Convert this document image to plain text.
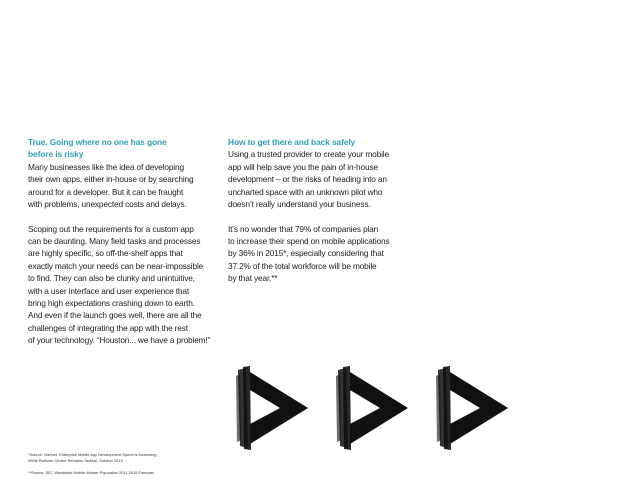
True. Going where no one has gone
before is risky

Many businesses like the idea of developing
their own apps, either in-house or by searching
around for a developer. But it can be fraught
with problems, unexpected costs and delays.

Scoping out the requirements for a custom app
can be daunting. Many field tasks and processes
are highly specific, so off-the-shelf apps that
exactly match your needs can be near-impossible
to find. They can also be clunky and unintuitive,
with a user interface and user experience that
bring high expectations crashing down to earth.
And even if the launch goes well, there are all the
challenges of integrating the app with the rest
of your technology. “Houston... we have a problem!”

How to get there and back safely

Using a trusted provider to create your mobile
app will help save you the pain of in-house
development – or the risks of heading into an
uncharted space with an unknown pilot who
doesn’t really understand your business.

It’s no wonder that 79% of companies plan
to increase their spend on mobile applications
by 36% in 2015*, especially considering that
37.2% of the total workforce will be mobile
by that year.**

*Source: Gartner, Enterprise Mobile App Development Spend is Increasing,
While Platform Choice Remains Tactical, October 2013
**Source: IDC, Worldwide Mobile Worker Population 2011-2015 Forecast
